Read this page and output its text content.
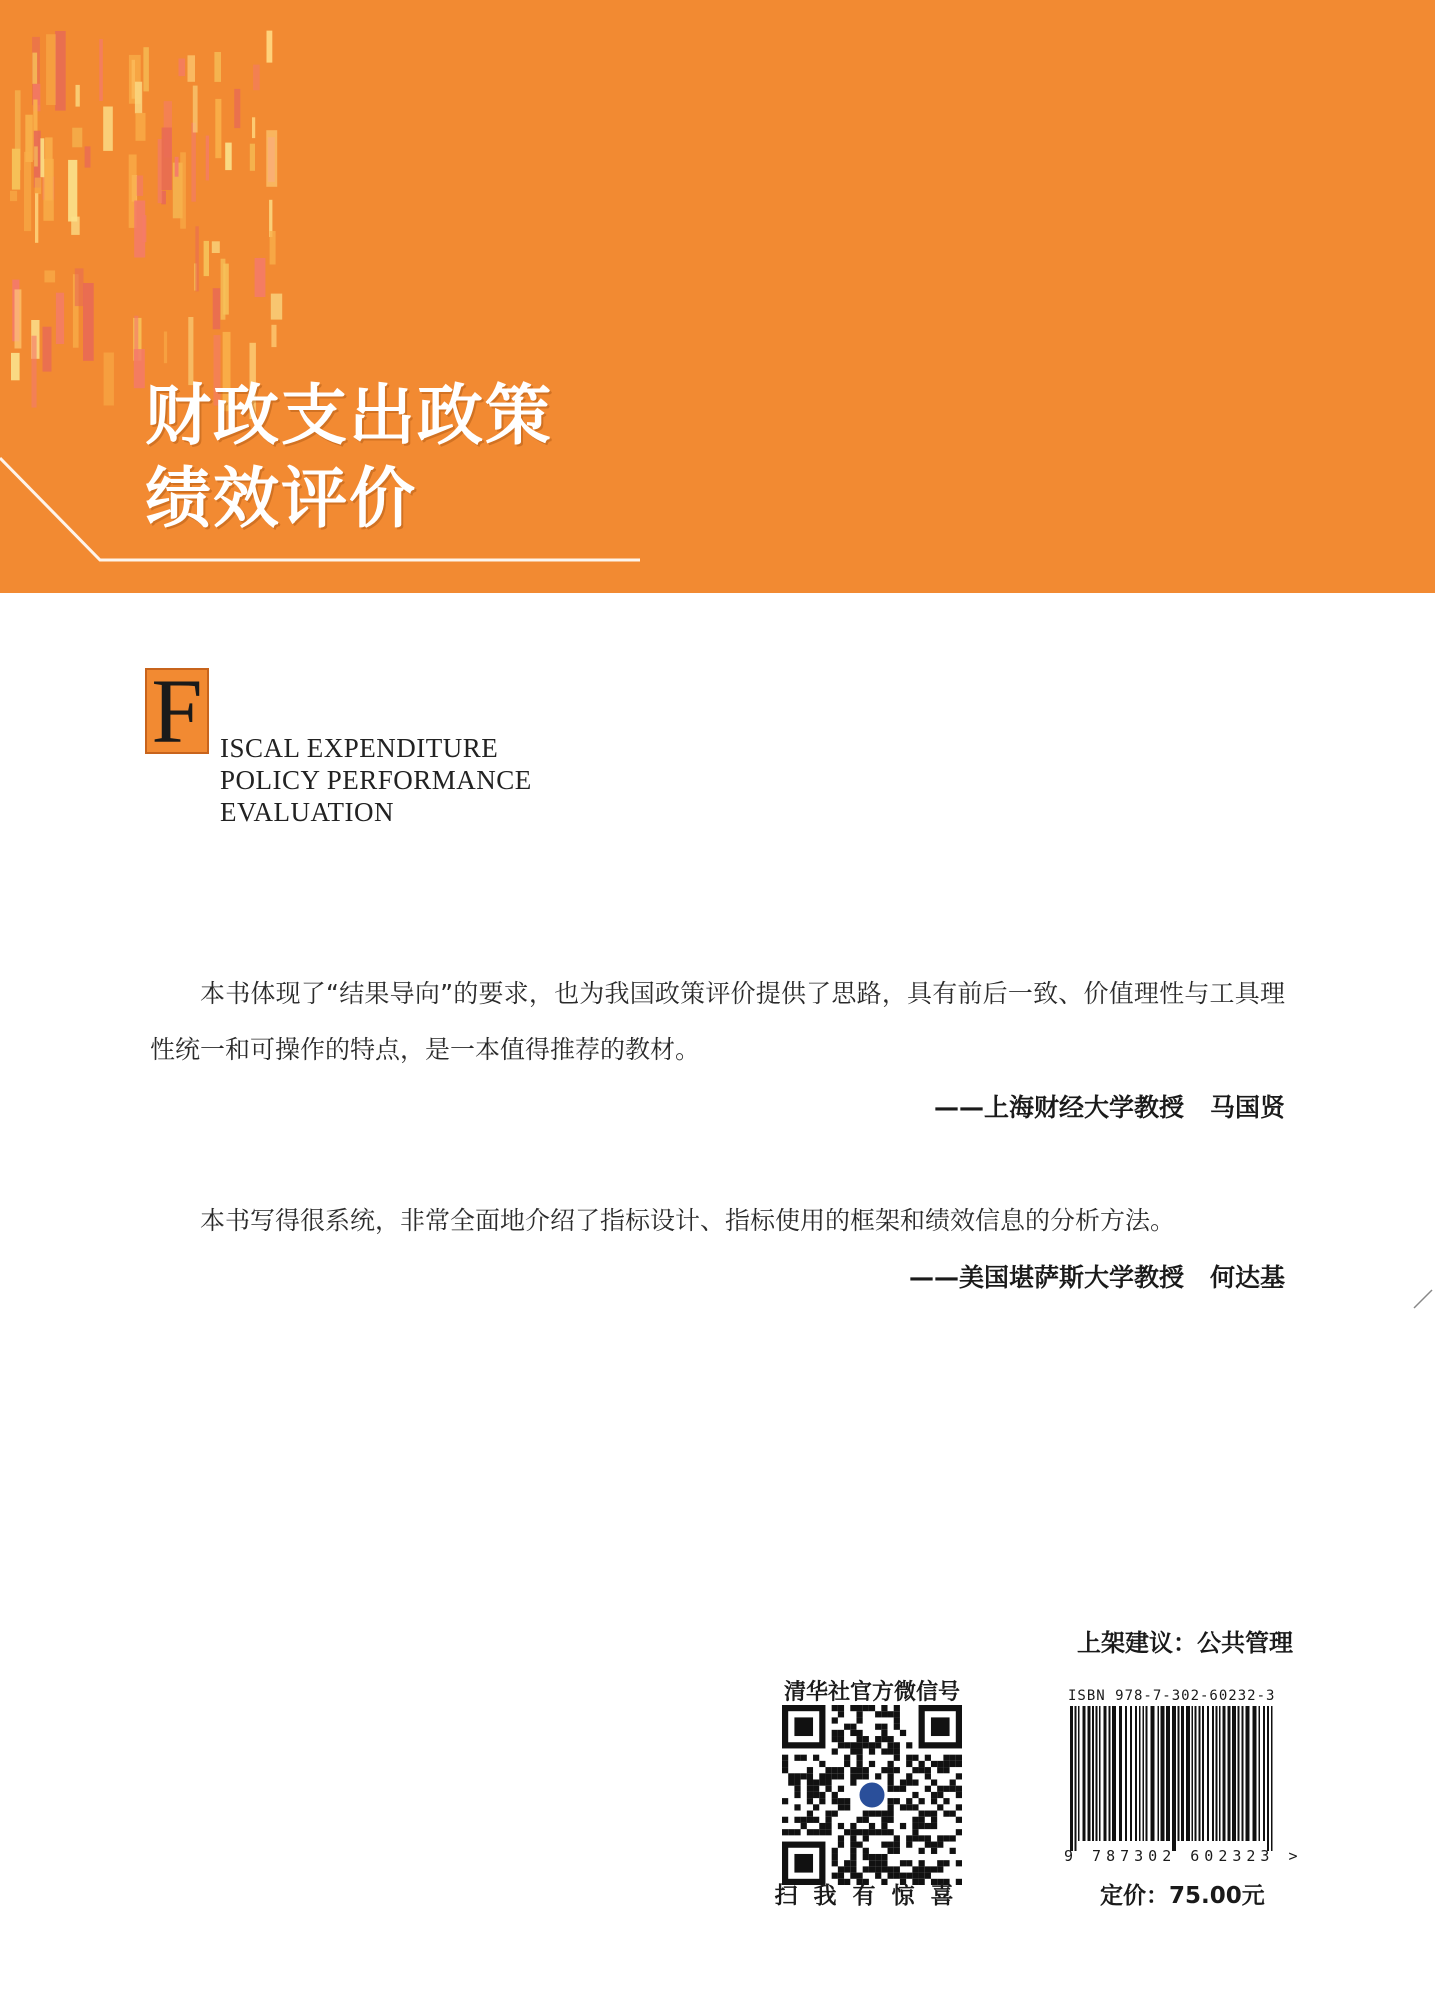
财政支出政策
绩效评价
F ISCAL EXPENDITURE
POLICY PERFORMANCE
EVALUATION

本书体现了“结果导向”的要求，也为我国政策评价提供了思路，具有前后一致、价值理性与工具理性统一和可操作的特点，是一本值得推荐的教材。

——上海财经大学教授 马国贤

本书写得很系统，非常全面地介绍了指标设计、指标使用的框架和绩效信息的分析方法。

——美国堪萨斯大学教授 何达基
上架建议：公共管理
清华社官方微信号
扫我有惊喜
ISBN 978-7-302-60232-3
9 787302 602323 >
定价：75.00元
